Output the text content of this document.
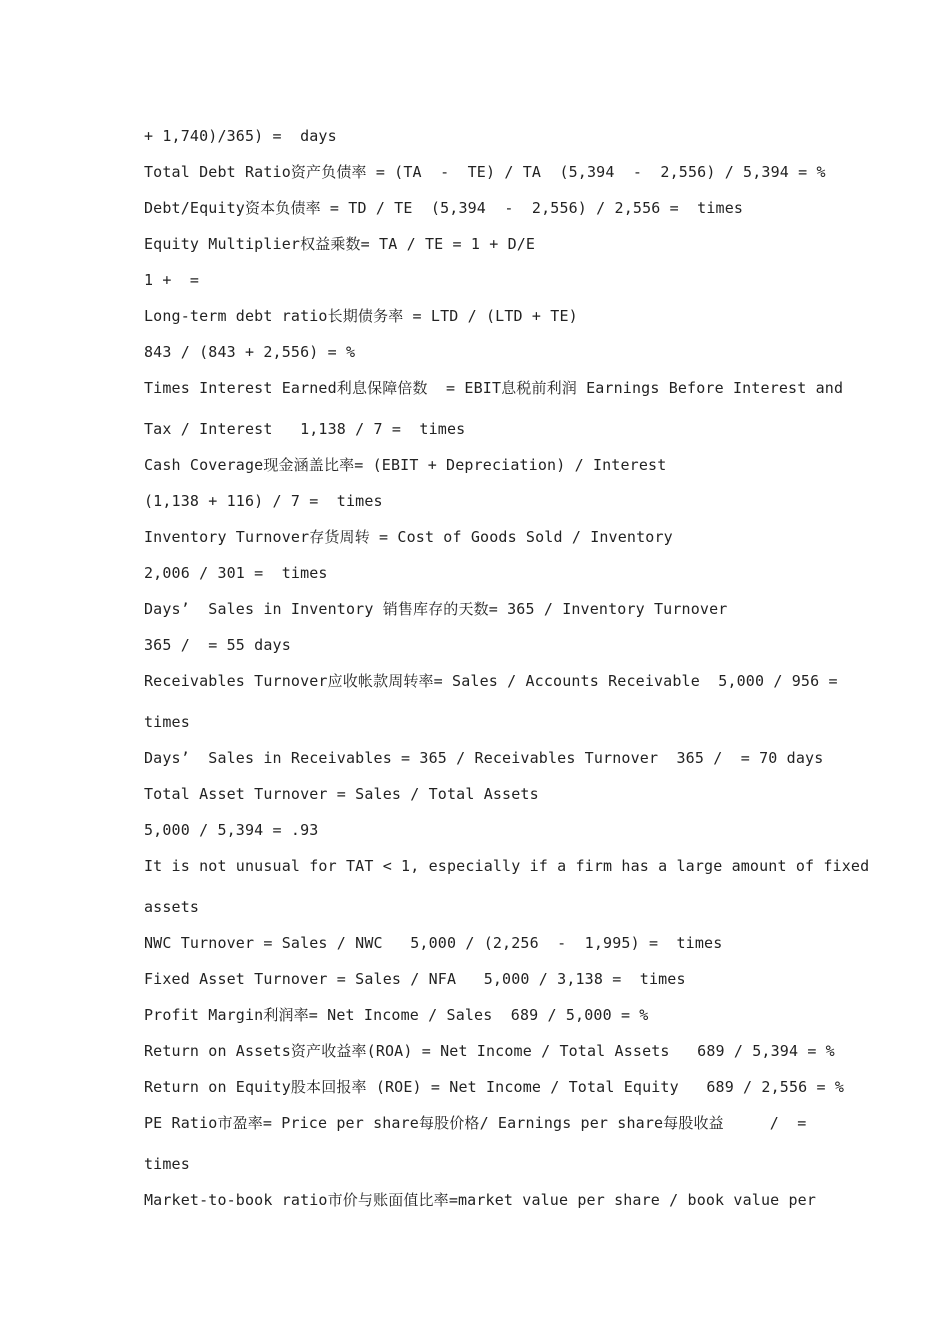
+ 1,740)/365) =  days
Total Debt Ratio资产负债率 = (TA  -  TE) / TA  (5,394  -  2,556) / 5,394 = %
Debt/Equity资本负债率 = TD / TE  (5,394  -  2,556) / 2,556 =  times
Equity Multiplier权益乘数= TA / TE = 1 + D/E
1 +  =
Long-term debt ratio长期债务率 = LTD / (LTD + TE)
843 / (843 + 2,556) = %
Times Interest Earned利息保障倍数  = EBIT息税前利润 Earnings Before Interest and
Tax / Interest   1,138 / 7 =  times
Cash Coverage现金涵盖比率= (EBIT + Depreciation) / Interest
(1,138 + 116) / 7 =  times
Inventory Turnover存货周转 = Cost of Goods Sold / Inventory
2,006 / 301 =  times
Days’  Sales in Inventory 销售库存的天数= 365 / Inventory Turnover
365 /  = 55 days
Receivables Turnover应收帐款周转率= Sales / Accounts Receivable  5,000 / 956 =
times
Days’  Sales in Receivables = 365 / Receivables Turnover  365 /  = 70 days
Total Asset Turnover = Sales / Total Assets
5,000 / 5,394 = .93
It is not unusual for TAT < 1, especially if a firm has a large amount of fixed
assets
NWC Turnover = Sales / NWC   5,000 / (2,256  -  1,995) =  times
Fixed Asset Turnover = Sales / NFA   5,000 / 3,138 =  times
Profit Margin利润率= Net Income / Sales  689 / 5,000 = %
Return on Assets资产收益率(ROA) = Net Income / Total Assets   689 / 5,394 = %
Return on Equity股本回报率 (ROE) = Net Income / Total Equity   689 / 2,556 = %
PE Ratio市盈率= Price per share每股价格/ Earnings per share每股收益     /  =
times
Market-to-book ratio市价与账面值比率=market value per share / book value per
